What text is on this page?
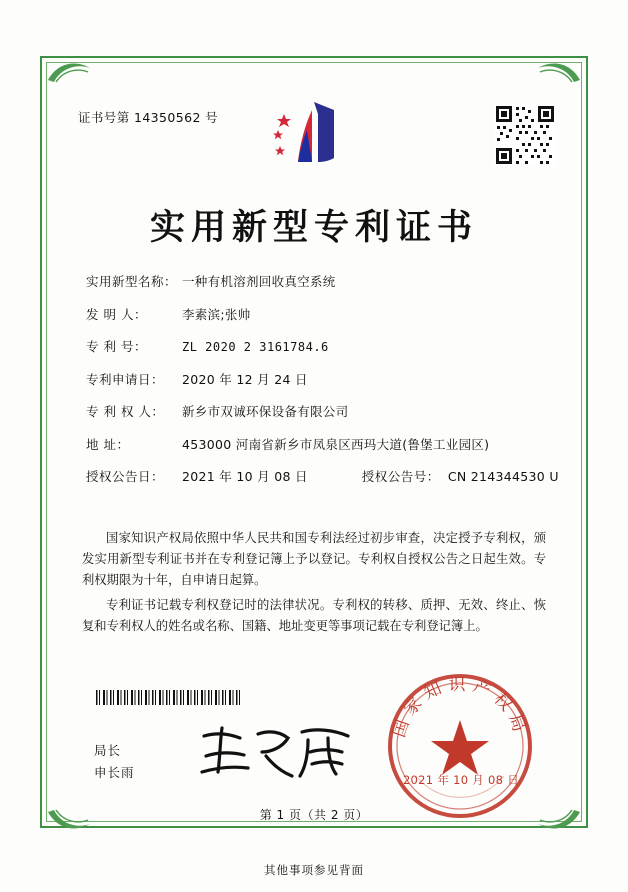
证书号第 14350562 号
实用新型专利证书
实用新型名称： 一种有机溶剂回收真空系统
发 明 人：	李素滨;张帅
专 利 号：	ZL 2020 2 3161784.6
专利申请日：	2020 年 12 月 24 日
专 利 权 人：	新乡市双诚环保设备有限公司
地 址：	453000 河南省新乡市凤泉区西玛大道(鲁堡工业园区)
授权公告日：	2021 年 10 月 08 日	授权公告号： CN 214344530 U

国家知识产权局依照中华人民共和国专利法经过初步审查，决定授予专利权，颁发实用新型专利证书并在专利登记簿上予以登记。专利权自授权公告之日起生效。专利权期限为十年，自申请日起算。

专利证书记载专利权登记时的法律状况。专利权的转移、质押、无效、终止、恢复和专利权人的姓名或名称、国籍、地址变更等事项记载在专利登记簿上。

局长
申长雨
国家知识产权局
2021 年 10 月 08 日
第 1 页（共 2 页）
其他事项参见背面
